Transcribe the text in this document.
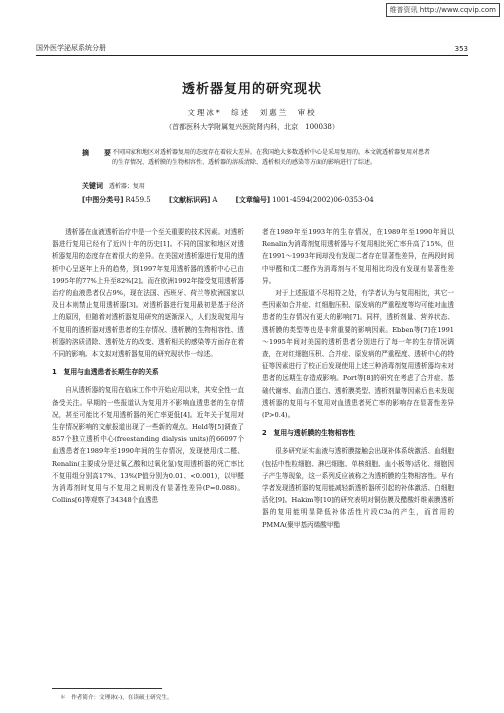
维普资讯 http://www.cqvip.com
国外医学泌尿系统分册	353
透析器复用的研究现状
文理冰*　综述　刘惠兰　审校
（首都医科大学附属复兴医院肾内科，北京　100038）
摘　要
不同国家和地区对透析器复用的态度存在着较大差异。在我国绝大多数透析中心是采用复用的。本文就透析器复用对患者的生存情况、透析膜的生物相容性、透析器的溶质清除、透析相关的感染等方面的影响进行了综述。
关键词 透析器；复用
[中图分类号] R459.5	[文献标识码] A	[文章编号] 1001-4594(2002)06-0353-04

透析器在血液透析治疗中是一个至关重要的技术因素。对透析器进行复用已经有了近四十年的历史[1]。不同的国家和地区对透析器复用的态度存在着很大的差异。在美国对透析器进行复用的透析中心呈逐年上升的趋势，到1997年复用透析器的透析中心已由1995年的77%上升至82%[2]。而在欧洲1992年接受复用透析器治疗的血液患者仅占9%，现在法国、西班牙、荷兰等欧洲国家以及日本则禁止复用透析器[3]。对透析器进行复用最初是基于经济上的原因，但随着对透析器复用研究的逐渐深入，人们发现复用与不复用的透析器对透析患者的生存情况、透析膜的生物相容性、透析器的溶质清除、透析处方的改变、透析相关的感染等方面存在着不同的影响。本文拟对透析器复用的研究现状作一综述。

1　复用与血透患者长期生存的关系

自从透析器的复用在临床工作中开始应用以来，其安全性一直备受关注。早期的一些报道认为复用并不影响血透患者的生存情况，甚至可能比不复用透析器的死亡率更低[4]。近年关于复用对生存情况影响的文献报道出现了一些新的观点。Held等[5]调查了857个独立透析中心(freestanding dialysis units)的66097个血透患者在1989年至1990年间的生存情况，发现使用戊二醛、Renalin(主要成分是过氧乙酸和过氧化氢)复用透析器的死亡率比不复用组分别高17%、13%(P值分别为0.01、<0.001)，以甲醛为消毒剂时复用与不复用之间则没有显著性差异(P=0.088)。Collins[6]等观察了34348个血透患

者在1989年至1993年的生存情况，在1989年至1990年间以Renalin为消毒剂复用透析器与不复用相比死亡率升高了15%，但在1991～1993年间却没有发现二者存在显著性差异，在两段时间中甲醛和戊二醛作为消毒剂与不复用相比均没有发现有显著性差异。

对于上述报道不尽相符之处，有学者认为与复用相比，其它一些因素如合并症、红细胞压积、原发病的严重程度等均可能对血透患者的生存情况有更大的影响[7]。同样，透析剂量、营养状态、透析膜的类型等也是非常重要的影响因素。Ebben等[7]在1991～1995年间对美国的透析患者分别进行了每一年的生存情况调查，在对红细胞压积、合并症、原发病的严重程度、透析中心的特征等因素进行了校正后发现使用上述三种消毒剂复用透析器均未对患者的远期生存造成影响。Port等[8]的研究在考虑了合并症、基础代谢率、血清白蛋白、透析膜类型、透析剂量等因素后也未发现透析器的复用与不复用对血透患者死亡率的影响存在显著性差异(P>0.4)。

2　复用与透析膜的生物相容性

很多研究证实血液与透析膜接触会出现补体系统激活、血细胞(包括中性粒细胞、淋巴细胞、单核细胞、血小板等)活化、细胞因子产生等现象，这一系列反应被称之为透析膜的生物相容性。早有学者发现透析器的复用能减轻新透析器所引起的补体激活、白细胞活化[9]。Hakim等[10]的研究表明对铜仿膜及醋酸纤维素膜透析器的复用能明显降低补体活性片段C3a的产生，而首用的PMMA(聚甲基丙烯酸甲酯

＊　作者简介：文理冰(-)，在读硕士研究生。
